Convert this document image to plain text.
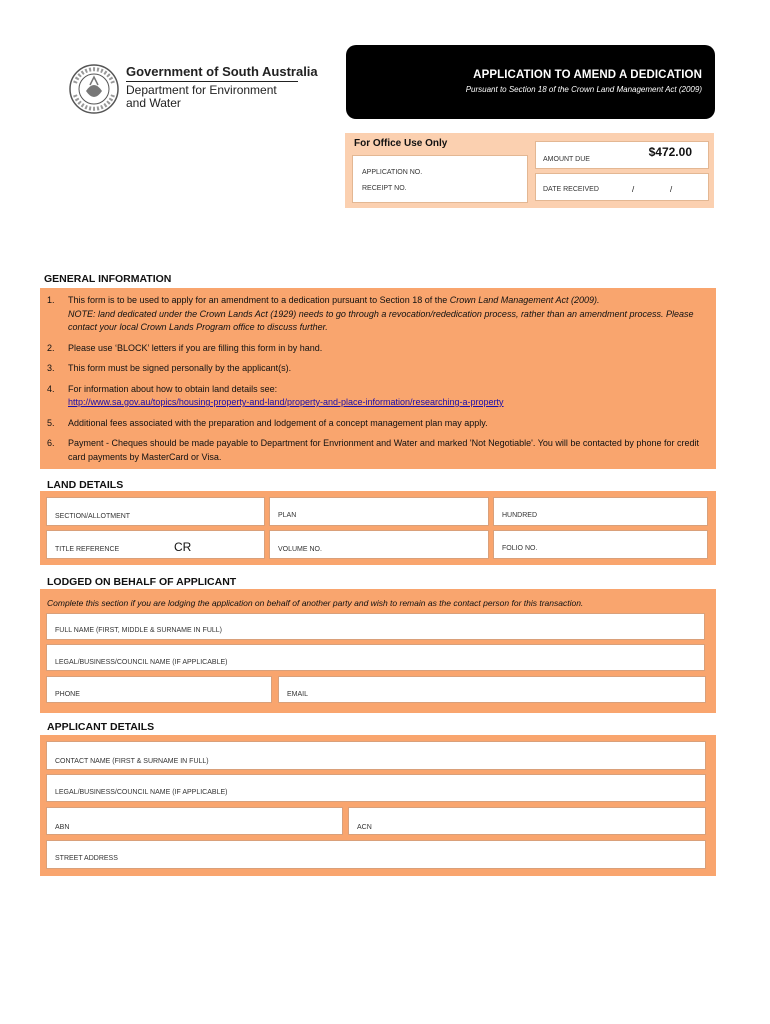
Government of South Australia
Department for Environment
and Water
APPLICATION TO AMEND A DEDICATION
Pursuant to Section 18 of the Crown Land Management Act (2009)
For Office Use Only
APPLICATION NO.
RECEIPT NO.
AMOUNT DUE
$472.00
DATE RECEIVED	/	/
GENERAL INFORMATION
1.	This form is to be used to apply for an amendment to a dedication pursuant to Section 18 of the Crown Land Management Act (2009).
NOTE: land dedicated under the Crown Lands Act (1929) needs to go through a revocation/rededication process, rather than an amendment process. Please contact your local Crown Lands Program office to discuss further.
2.	Please use ‘BLOCK’ letters if you are filling this form in by hand.
3.	This form must be signed personally by the applicant(s).
4.	For information about how to obtain land details see:
http://www.sa.gov.au/topics/housing-property-and-land/property-and-place-information/researching-a-property
5.	Additional fees associated with the preparation and lodgement of a concept management plan may apply.
6.	Payment - Cheques should be made payable to Department for Envrionment and Water and marked 'Not Negotiable'. You will be contacted by phone for credit card payments by MasterCard or Visa.
LAND DETAILS
SECTION/ALLOTMENT	PLAN	HUNDRED
TITLE REFERENCE	CR	VOLUME NO.	FOLIO NO.
LODGED ON BEHALF OF APPLICANT
Complete this section if you are lodging the application on behalf of another party and wish to remain as the contact person for this transaction.
FULL NAME (FIRST, MIDDLE & SURNAME IN FULL)
LEGAL/BUSINESS/COUNCIL NAME (IF APPLICABLE)
PHONE	EMAIL
APPLICANT DETAILS
CONTACT NAME (FIRST & SURNAME IN FULL)
LEGAL/BUSINESS/COUNCIL NAME (IF APPLICABLE)
ABN	ACN
STREET ADDRESS
